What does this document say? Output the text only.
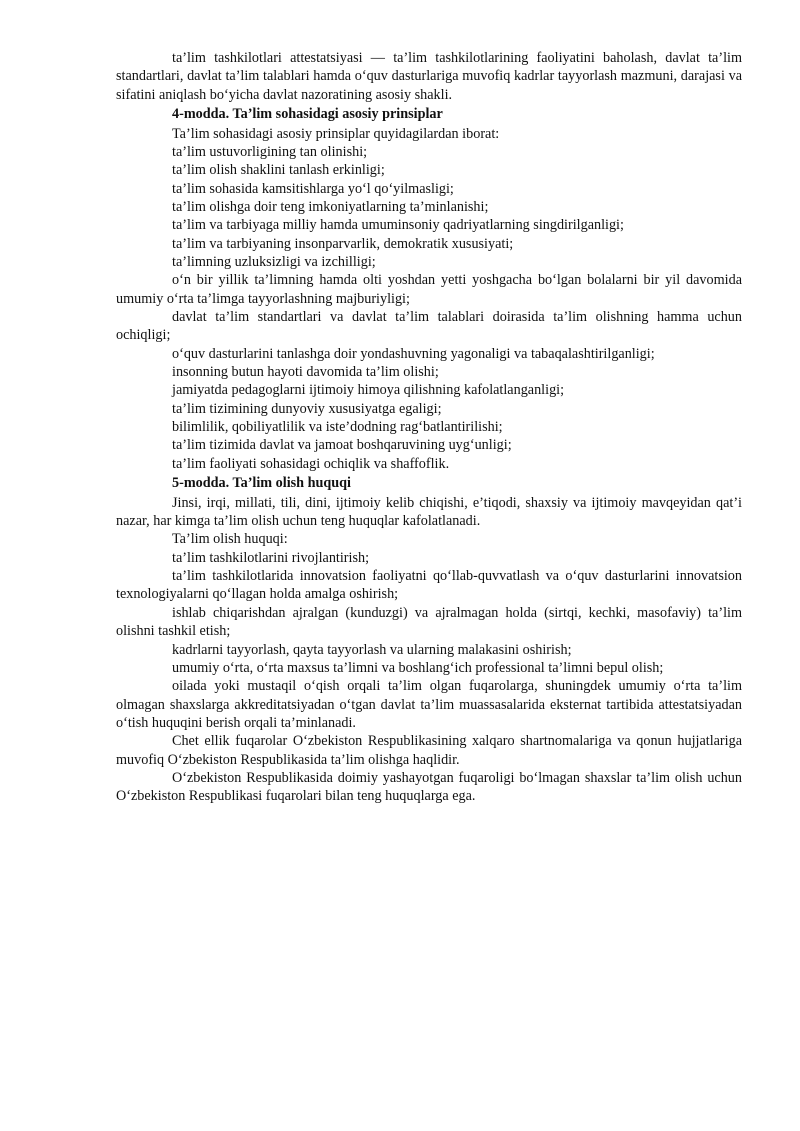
ta’lim tashkilotlari attestatsiyasi — ta’lim tashkilotlarining faoliyatini baholash, davlat ta’lim standartlari, davlat ta’lim talablari hamda o‘quv dasturlariga muvofiq kadrlar tayyorlash mazmuni, darajasi va sifatini aniqlash bo‘yicha davlat nazoratining asosiy shakli.

4-modda. Ta’lim sohasidagi asosiy prinsiplar

Ta’lim sohasidagi asosiy prinsiplar quyidagilardan iborat:

ta’lim ustuvorligining tan olinishi;

ta’lim olish shaklini tanlash erkinligi;

ta’lim sohasida kamsitishlarga yo‘l qo‘yilmasligi;

ta’lim olishga doir teng imkoniyatlarning ta’minlanishi;

ta’lim va tarbiyaga milliy hamda umuminsoniy qadriyatlarning singdirilganligi;

ta’lim va tarbiyaning insonparvarlik, demokratik xususiyati;

ta’limning uzluksizligi va izchilligi;

o‘n bir yillik ta’limning hamda olti yoshdan yetti yoshgacha bo‘lgan bolalarni bir yil davomida umumiy o‘rta ta’limga tayyorlashning majburiyligi;

davlat ta’lim standartlari va davlat ta’lim talablari doirasida ta’lim olishning hamma uchun ochiqligi;

o‘quv dasturlarini tanlashga doir yondashuvning yagonaligi va tabaqalashtirilganligi;

insonning butun hayoti davomida ta’lim olishi;

jamiyatda pedagoglarni ijtimoiy himoya qilishning kafolatlanganligi;

ta’lim tizimining dunyoviy xususiyatga egaligi;

bilimlilik, qobiliyatlilik va iste’dodning rag‘batlantirilishi;

ta’lim tizimida davlat va jamoat boshqaruvining uyg‘unligi;

ta’lim faoliyati sohasidagi ochiqlik va shaffoflik.

5-modda. Ta’lim olish huquqi

Jinsi, irqi, millati, tili, dini, ijtimoiy kelib chiqishi, e’tiqodi, shaxsiy va ijtimoiy mavqeyidan qat’i nazar, har kimga ta’lim olish uchun teng huquqlar kafolatlanadi.

Ta’lim olish huquqi:

ta’lim tashkilotlarini rivojlantirish;

ta’lim tashkilotlarida innovatsion faoliyatni qo‘llab-quvvatlash va o‘quv dasturlarini innovatsion texnologiyalarni qo‘llagan holda amalga oshirish;

ishlab chiqarishdan ajralgan (kunduzgi) va ajralmagan holda (sirtqi, kechki, masofaviy) ta’lim olishni tashkil etish;

kadrlarni tayyorlash, qayta tayyorlash va ularning malakasini oshirish;

umumiy o‘rta, o‘rta maxsus ta’limni va boshlang‘ich professional ta’limni bepul olish;

oilada yoki mustaqil o‘qish orqali ta’lim olgan fuqarolarga, shuningdek umumiy o‘rta ta’lim olmagan shaxslarga akkreditatsiyadan o‘tgan davlat ta’lim muassasalarida eksternat tartibida attestatsiyadan o‘tish huquqini berish orqali ta’minlanadi.

Chet ellik fuqarolar O‘zbekiston Respublikasining xalqaro shartnomalariga va qonun hujjatlariga muvofiq O‘zbekiston Respublikasida ta’lim olishga haqlidir.

O‘zbekiston Respublikasida doimiy yashayotgan fuqaroligi bo‘lmagan shaxslar ta’lim olish uchun O‘zbekiston Respublikasi fuqarolari bilan teng huquqlarga ega.
